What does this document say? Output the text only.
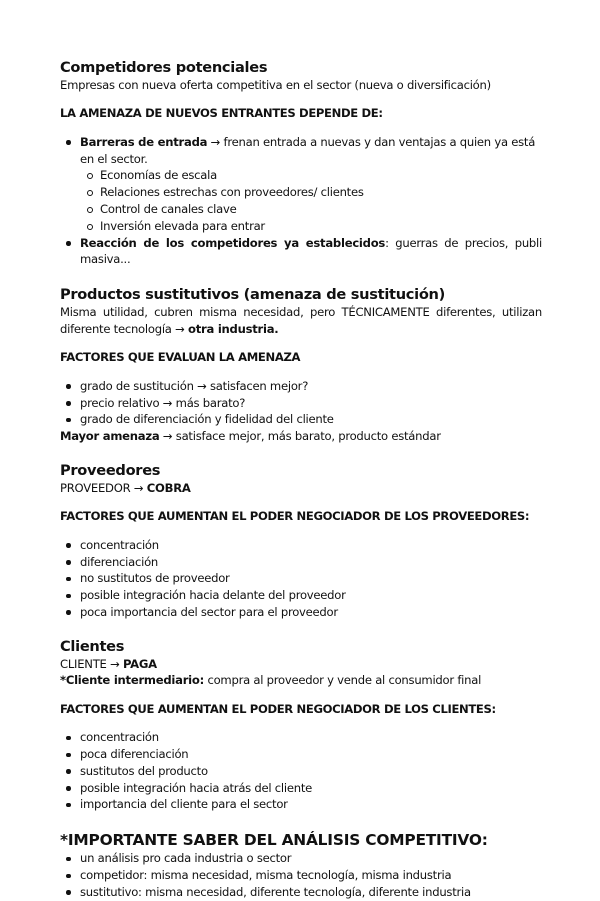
Competidores potenciales

Empresas con nueva oferta competitiva en el sector (nueva o diversificación)

LA AMENAZA DE NUEVOS ENTRANTES DEPENDE DE:

Barreras de entrada → frenan entrada a nuevas y dan ventajas a quien ya está en el sector.
Economías de escala
Relaciones estrechas con proveedores/ clientes
Control de canales clave
Inversión elevada para entrar
Reacción de los competidores ya establecidos: guerras de precios, publi masiva...

Productos sustitutivos (amenaza de sustitución)

Misma utilidad, cubren misma necesidad, pero TÉCNICAMENTE diferentes, utilizan diferente tecnología → otra industria.

FACTORES QUE EVALUAN LA AMENAZA

grado de sustitución → satisfacen mejor?
precio relativo → más barato?
grado de diferenciación y fidelidad del cliente

Mayor amenaza → satisface mejor, más barato, producto estándar

Proveedores

PROVEEDOR → COBRA

FACTORES QUE AUMENTAN EL PODER NEGOCIADOR DE LOS PROVEEDORES:

concentración
diferenciación
no sustitutos de proveedor
posible integración hacia delante del proveedor
poca importancia del sector para el proveedor

Clientes

CLIENTE → PAGA

*Cliente intermediario: compra al proveedor y vende al consumidor final

FACTORES QUE AUMENTAN EL PODER NEGOCIADOR DE LOS CLIENTES:

concentración
poca diferenciación
sustitutos del producto
posible integración hacia atrás del cliente
importancia del cliente para el sector

*IMPORTANTE SABER DEL ANÁLISIS COMPETITIVO:

un análisis pro cada industria o sector
competidor: misma necesidad, misma tecnología, misma industria
sustitutivo: misma necesidad, diferente tecnología, diferente industria
